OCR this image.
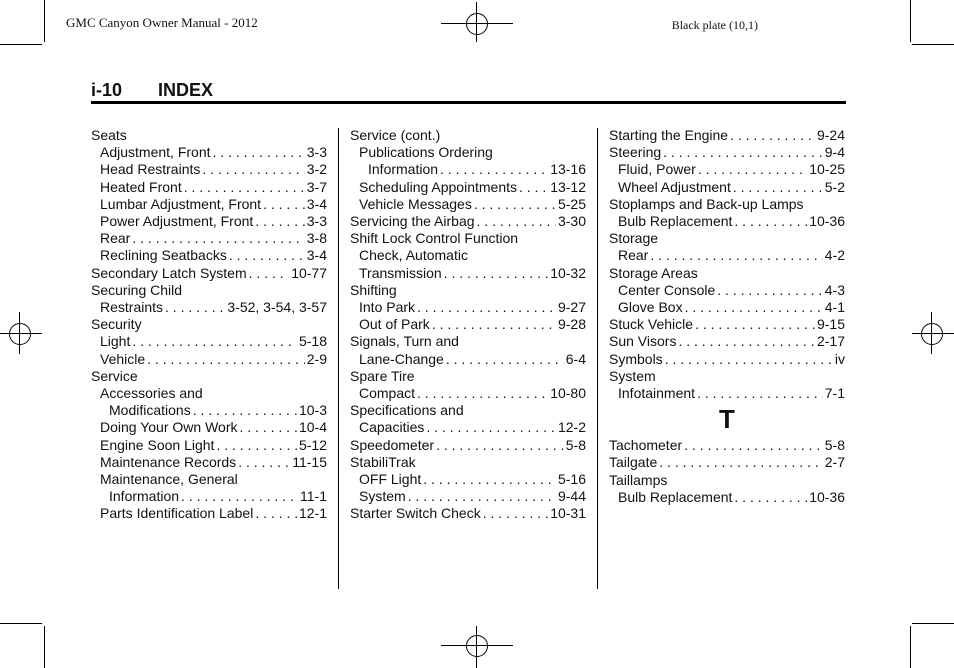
GMC Canyon Owner Manual - 2012	Black plate (10,1)
i-10 INDEX
Seats
Adjustment, Front . . .	3-3
Head Restraints . . .	3-2
Heated Front . . .	3-7
Lumbar Adjustment, Front . . .	3-4
Power Adjustment, Front . . .	3-3
Rear . . .	3-8
Reclining Seatbacks . . .	3-4
Secondary Latch System . . .	10-77
Securing Child
Restraints . . .	3-52, 3-54, 3-57
Security
Light . . .	5-18
Vehicle . . .	2-9
Service
Accessories and
Modifications . . .	10-3
Doing Your Own Work . . .	10-4
Engine Soon Light . . .	5-12
Maintenance Records . . .	11-15
Maintenance, General
Information . . .	11-1
Parts Identification Label . . .	12-1
Service (cont.)
Publications Ordering
Information . . .	13-16
Scheduling Appointments . . . 13-12
Vehicle Messages . . .	5-25
Servicing the Airbag . . .	3-30
Shift Lock Control Function
Check, Automatic
Transmission . . .	10-32
Shifting
Into Park . . .	9-27
Out of Park . . .	9-28
Signals, Turn and
Lane-Change . . .	6-4
Spare Tire
Compact . . .	10-80
Specifications and
Capacities . . .	12-2
Speedometer . . .	5-8
StabiliTrak
OFF Light . . .	5-16
System . . .	9-44
Starter Switch Check . . .	10-31
Starting the Engine . . .	9-24
Steering . . .	9-4
Fluid, Power . . .	10-25
Wheel Adjustment . . .	5-2
Stoplamps and Back-up Lamps
Bulb Replacement . . .	10-36
Storage
Rear . . .	4-2
Storage Areas
Center Console . . .	4-3
Glove Box . . .	4-1
Stuck Vehicle . . .	9-15
Sun Visors . . .	2-17
Symbols . . .	iv
System
Infotainment . . .	7-1
T
Tachometer . . .	5-8
Tailgate . . .	2-7
Taillamps
Bulb Replacement . . .	10-36
